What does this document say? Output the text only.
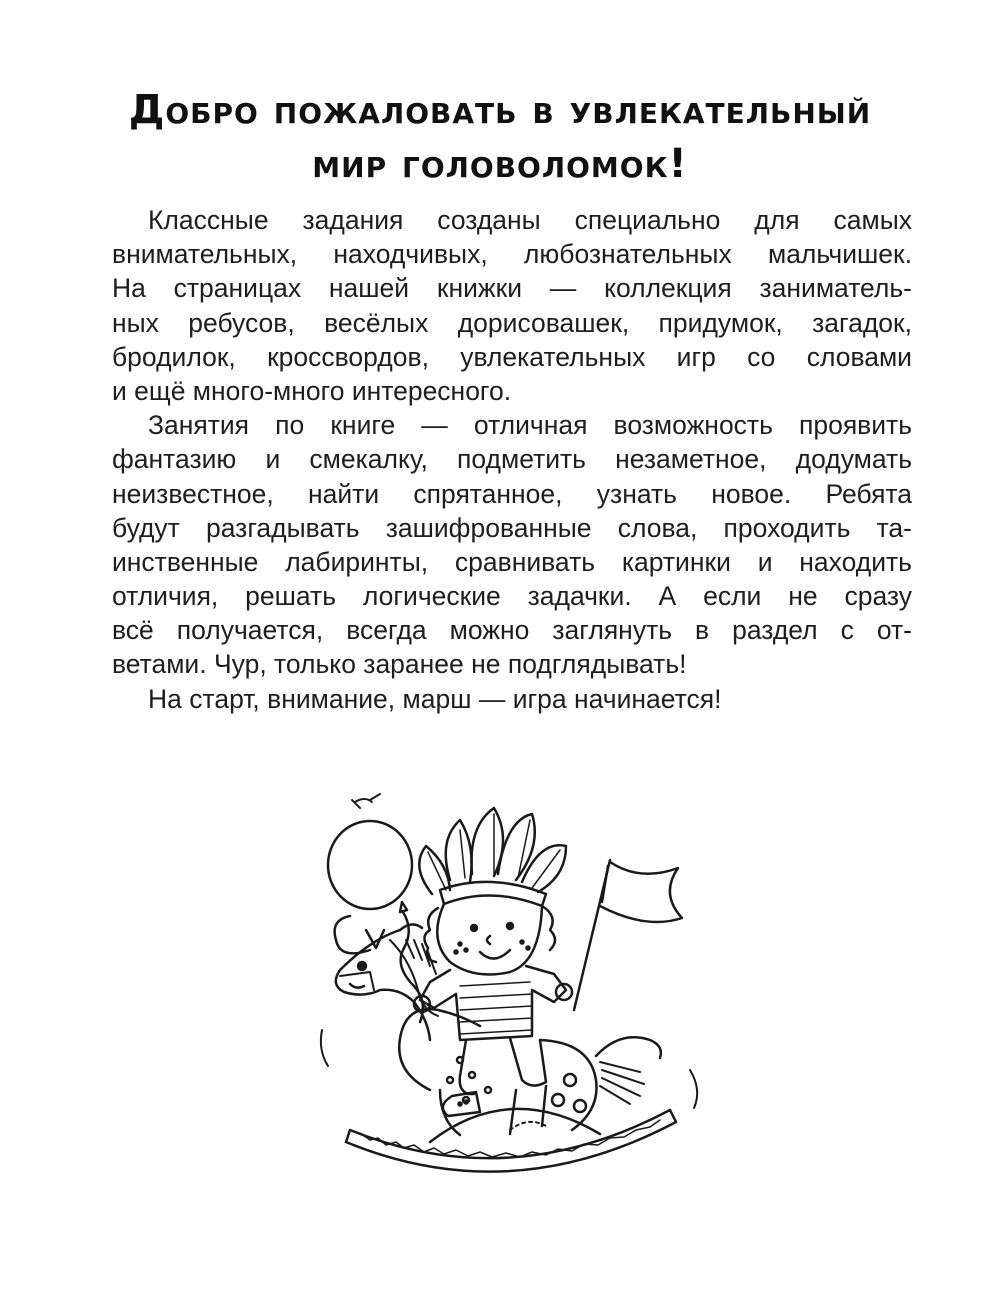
Добро пожаловать в увлекательный
мир головоломок!
Классные задания созданы специально для самых
внимательных, находчивых, любознательных мальчишек.
На страницах нашей книжки — коллекция заниматель-
ных ребусов, весёлых дорисовашек, придумок, загадок,
бродилок, кроссвордов, увлекательных игр со словами
и ещё много-много интересного.
Занятия по книге — отличная возможность проявить
фантазию и смекалку, подметить незаметное, додумать
неизвестное, найти спрятанное, узнать новое. Ребята
будут разгадывать зашифрованные слова, проходить та-
инственные лабиринты, сравнивать картинки и находить
отличия, решать логические задачки. А если не сразу
всё получается, всегда можно заглянуть в раздел с от-
ветами. Чур, только заранее не подглядывать!
На старт, внимание, марш — игра начинается!
